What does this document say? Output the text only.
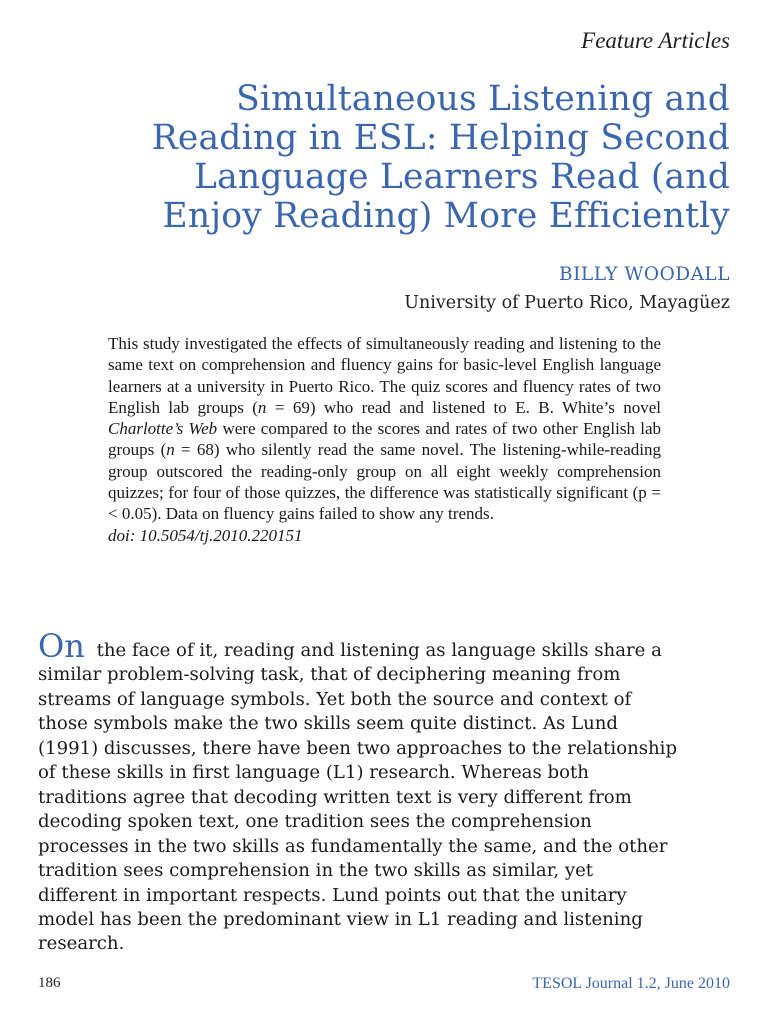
Feature Articles
Simultaneous Listening and
Reading in ESL: Helping Second
Language Learners Read (and
Enjoy Reading) More Efficiently
BILLY WOODALL
University of Puerto Rico, Mayagüez
This study investigated the effects of simultaneously reading and listening to the same text on comprehension and fluency gains for basic-level English language learners at a university in Puerto Rico. The quiz scores and fluency rates of two English lab groups (n = 69) who read and listened to E. B. White’s novel Charlotte’s Web were compared to the scores and rates of two other English lab groups (n = 68) who silently read the same novel. The listening-while-reading group outscored the reading-only group on all eight weekly comprehension quizzes; for four of those quizzes, the difference was statistically significant (p =< 0.05). Data on fluency gains failed to show any trends.
doi: 10.5054/tj.2010.220151
On the face of it, reading and listening as language skills share a
similar problem-solving task, that of deciphering meaning from
streams of language symbols. Yet both the source and context of
those symbols make the two skills seem quite distinct. As Lund
(1991) discusses, there have been two approaches to the relationship
of these skills in first language (L1) research. Whereas both
traditions agree that decoding written text is very different from
decoding spoken text, one tradition sees the comprehension
processes in the two skills as fundamentally the same, and the other
tradition sees comprehension in the two skills as similar, yet
different in important respects. Lund points out that the unitary
model has been the predominant view in L1 reading and listening
research.
186	TESOL Journal 1.2, June 2010
